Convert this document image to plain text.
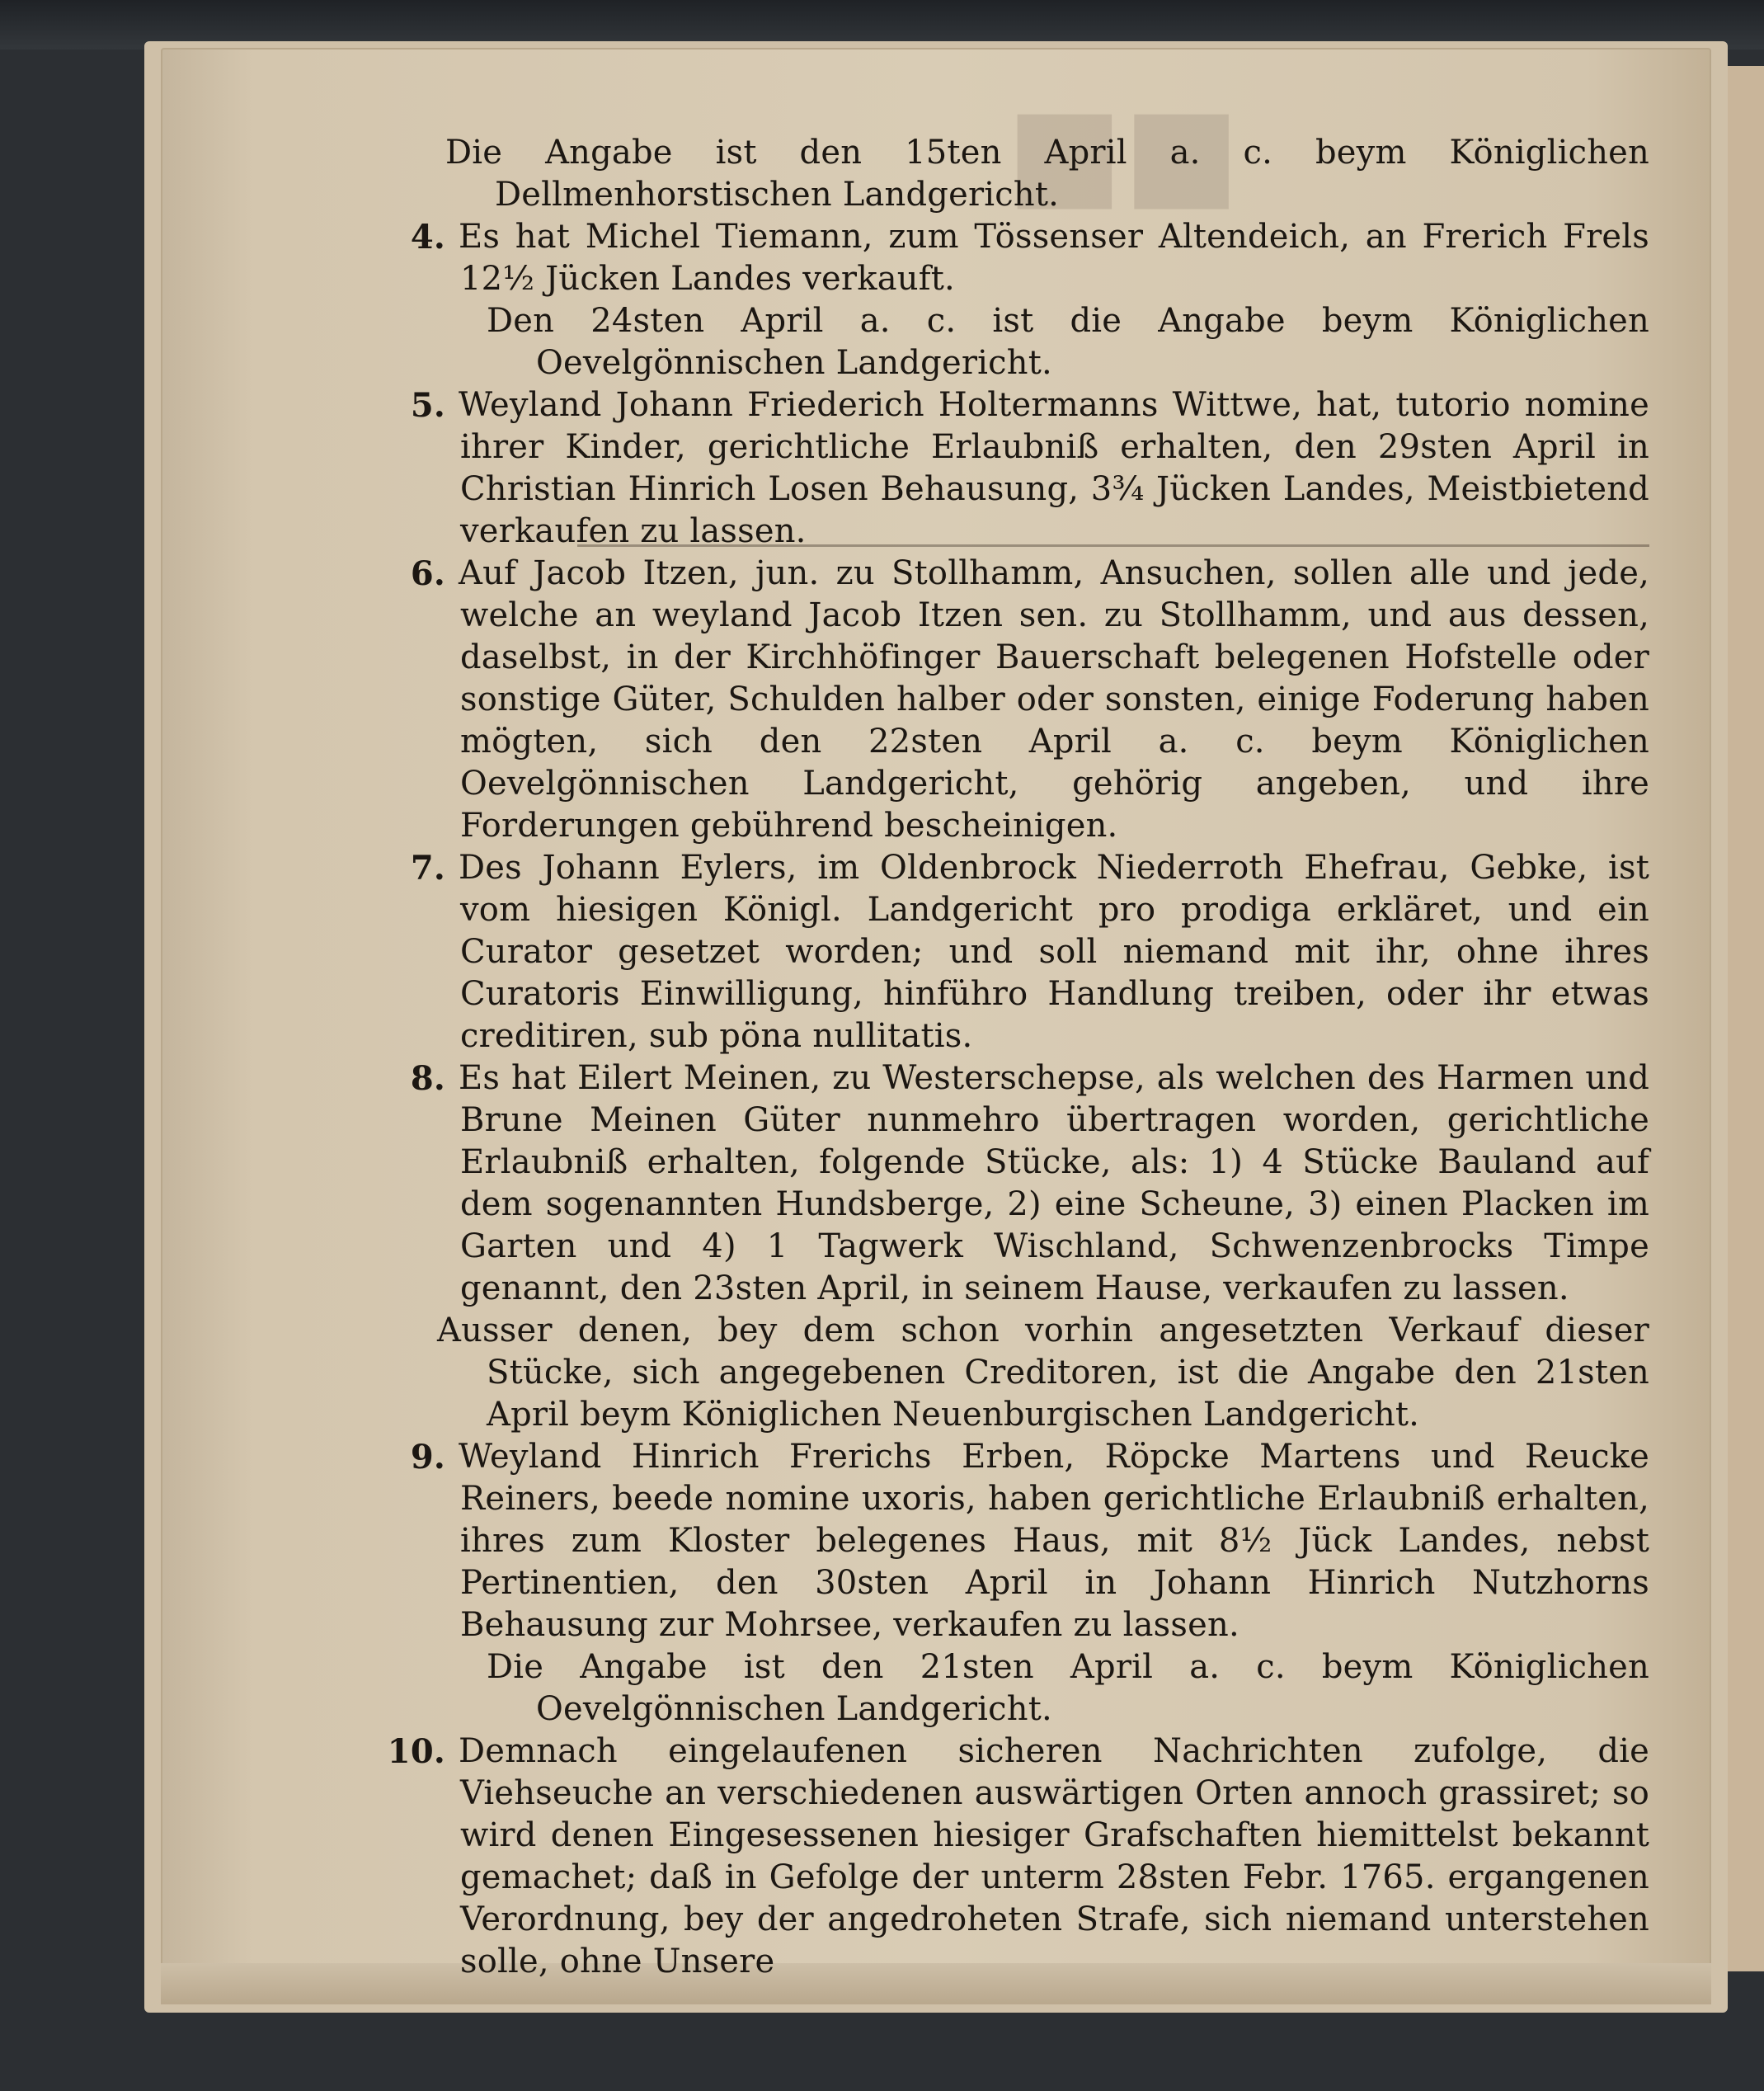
■■
Die Angabe ist den 15ten April a. c. beym Königlichen Dellmenhorstischen Landgericht.
4. Es hat Michel Tiemann, zum Tössenser Altendeich, an Frerich Frels 12½ Jücken Landes verkauft.
Den 24sten April a. c. ist die Angabe beym Königlichen Oevelgönnischen Landgericht.
5. Weyland Johann Friederich Holtermanns Wittwe, hat, tutorio nomine ihrer Kinder, gerichtliche Erlaubniß erhalten, den 29sten April in Christian Hinrich Losen Behausung, 3¾ Jücken Landes, Meistbietend verkaufen zu lassen.
6. Auf Jacob Itzen, jun. zu Stollhamm, Ansuchen, sollen alle und jede, welche an weyland Jacob Itzen sen. zu Stollhamm, und aus dessen, daselbst, in der Kirchhöfinger Bauerschaft belegenen Hofstelle oder sonstige Güter, Schulden halber oder sonsten, einige Foderung haben mögten, sich den 22sten April a. c. beym Königlichen Oevelgönnischen Landgericht, gehörig angeben, und ihre Forderungen gebührend bescheinigen.
7. Des Johann Eylers, im Oldenbrock Niederroth Ehefrau, Gebke, ist vom hiesigen Königl. Landgericht pro prodiga erkläret, und ein Curator gesetzet worden; und soll niemand mit ihr, ohne ihres Curatoris Einwilligung, hinführo Handlung treiben, oder ihr etwas creditiren, sub pöna nullitatis.
8. Es hat Eilert Meinen, zu Westerschepse, als welchen des Harmen und Brune Meinen Güter nunmehro übertragen worden, gerichtliche Erlaubniß erhalten, folgende Stücke, als: 1) 4 Stücke Bauland auf dem sogenannten Hundsberge, 2) eine Scheune, 3) einen Placken im Garten und 4) 1 Tagwerk Wischland, Schwenzenbrocks Timpe genannt, den 23sten April, in seinem Hause, verkaufen zu lassen.
Ausser denen, bey dem schon vorhin angesetzten Verkauf dieser Stücke, sich angegebenen Creditoren, ist die Angabe den 21sten April beym Königlichen Neuenburgischen Landgericht.
9. Weyland Hinrich Frerichs Erben, Röpcke Martens und Reucke Reiners, beede nomine uxoris, haben gerichtliche Erlaubniß erhalten, ihres zum Kloster belegenes Haus, mit 8½ Jück Landes, nebst Pertinentien, den 30sten April in Johann Hinrich Nutzhorns Behausung zur Mohrsee, verkaufen zu lassen.
Die Angabe ist den 21sten April a. c. beym Königlichen Oevelgönnischen Landgericht.
10. Demnach eingelaufenen sicheren Nachrichten zufolge, die Viehseuche an verschiedenen auswärtigen Orten annoch grassiret; so wird denen Eingesessenen hiesiger Grafschaften hiemittelst bekannt gemachet; daß in Gefolge der unterm 28sten Febr. 1765. ergangenen Verordnung, bey der angedroheten Strafe, sich niemand unterstehen solle, ohne Unsere
